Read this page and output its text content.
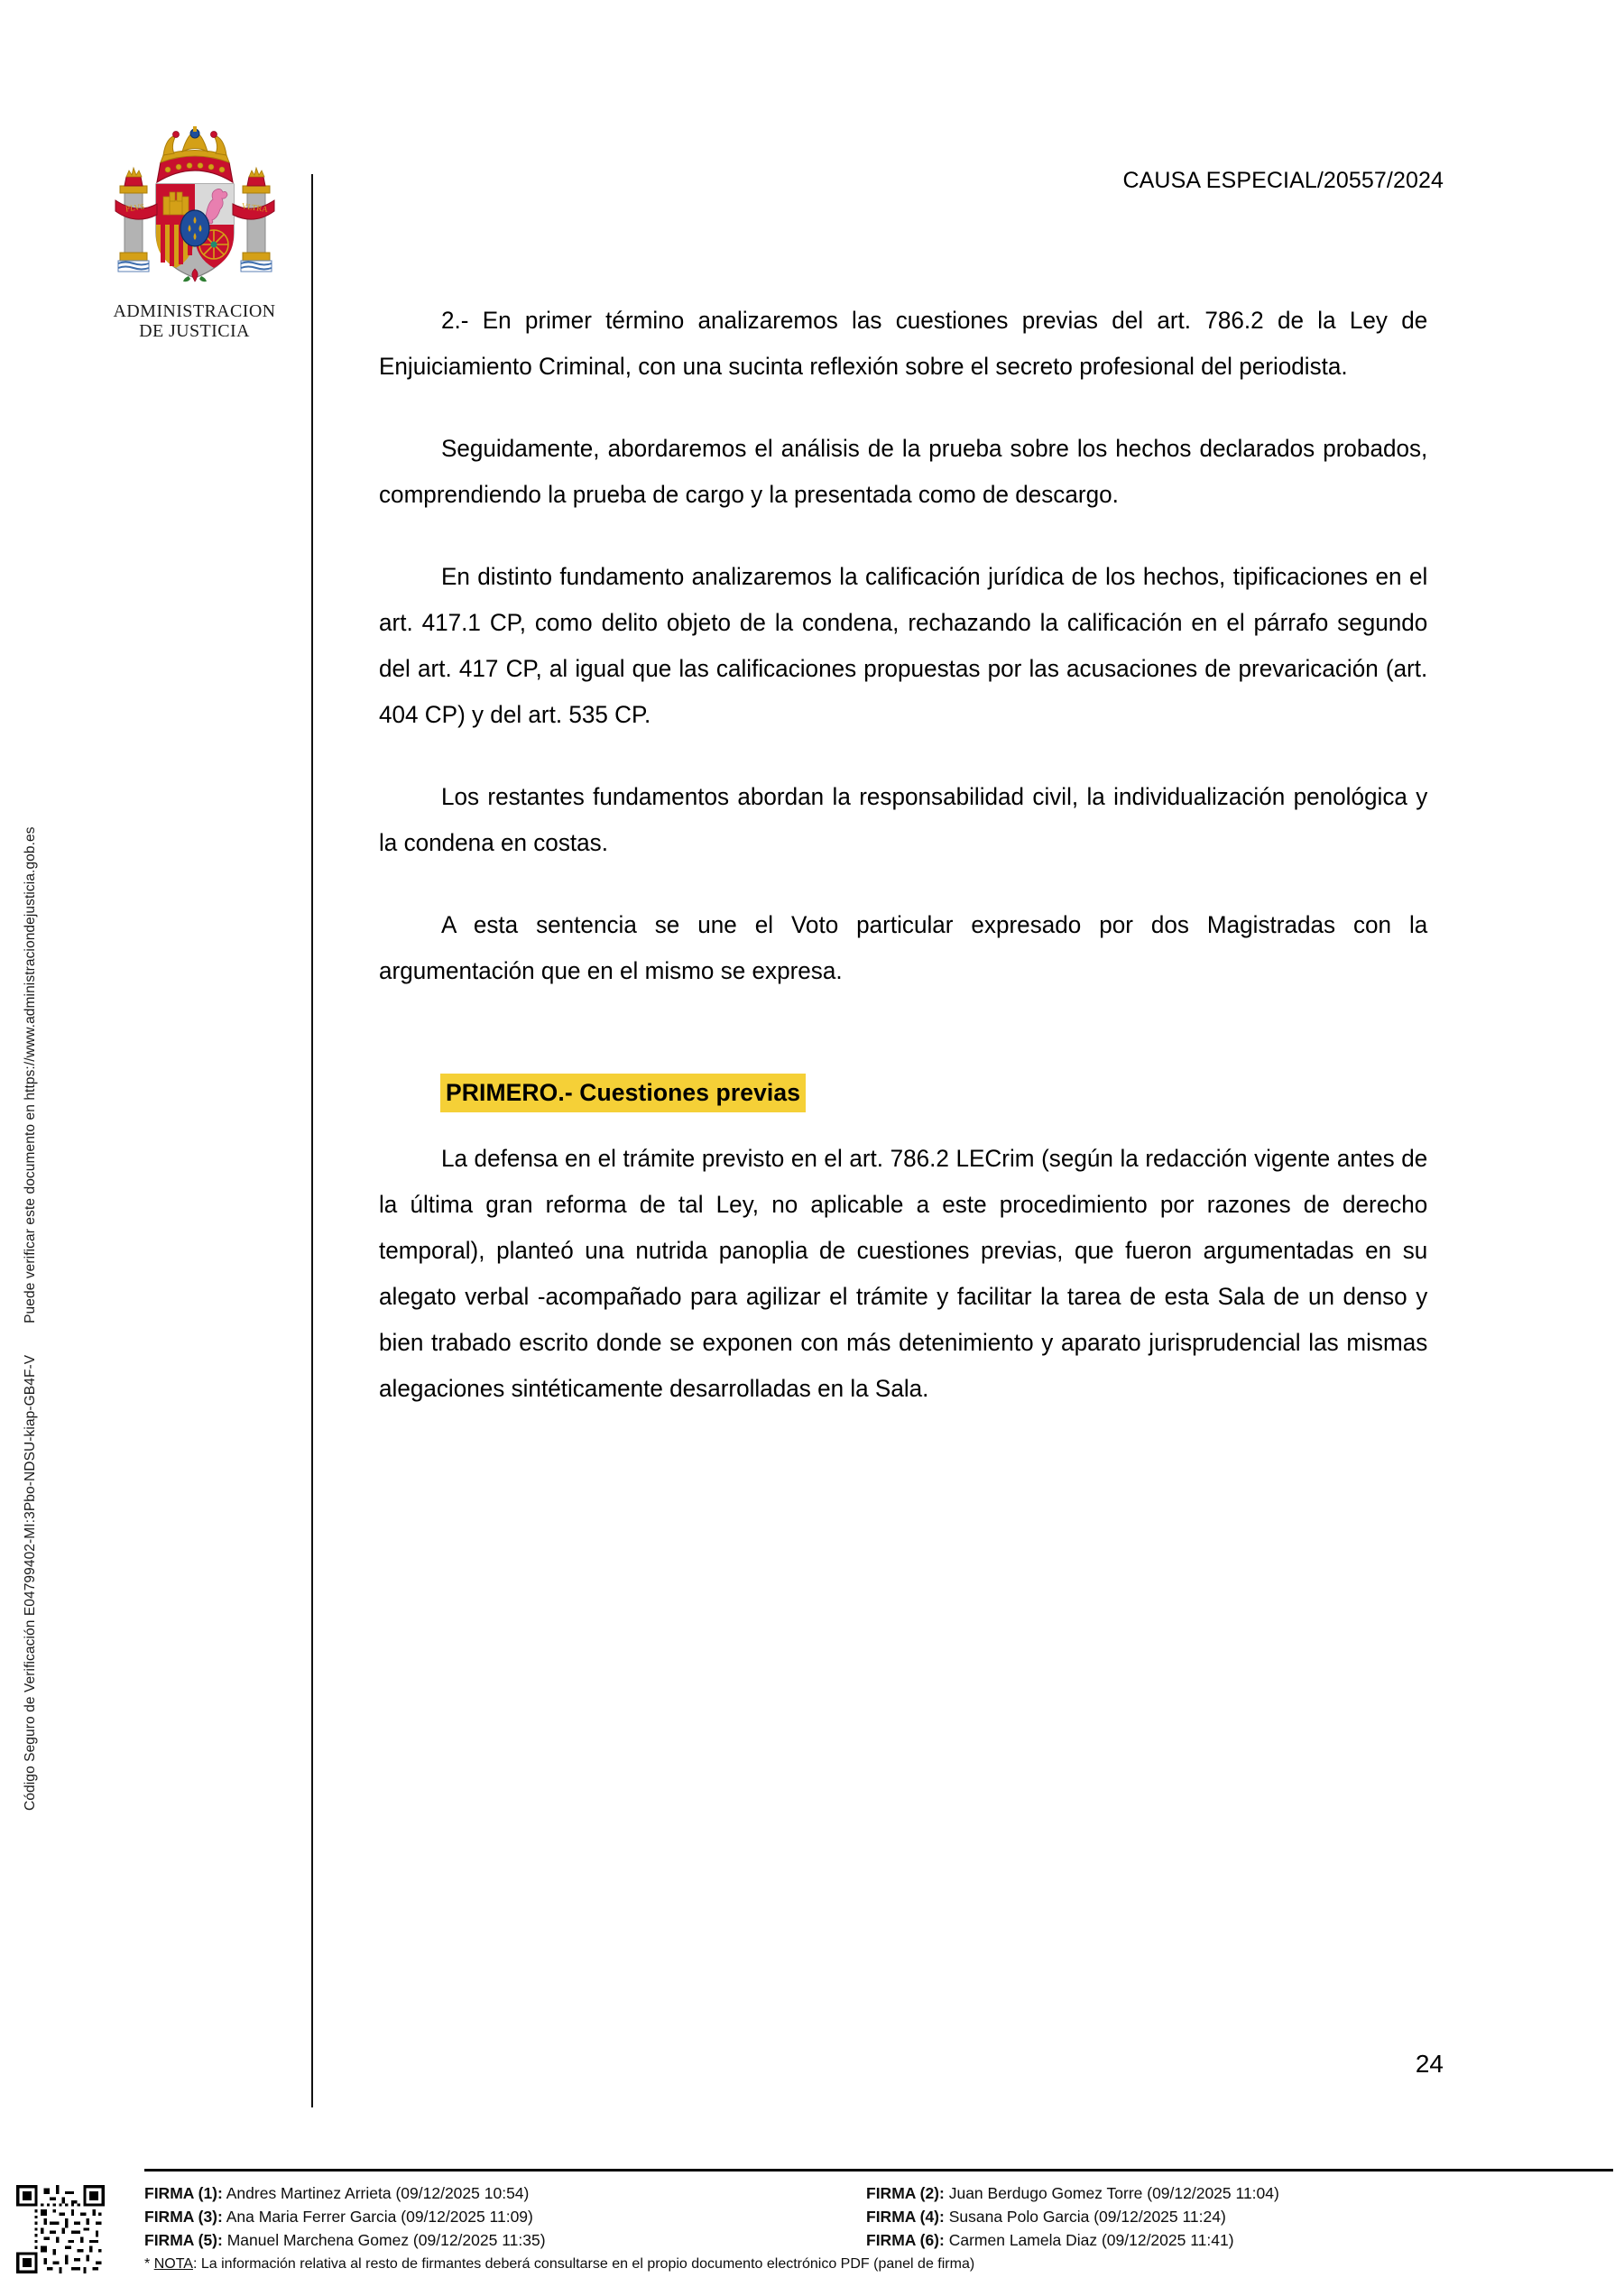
Código Seguro de Verificación E04799402-MI:3Pbo-NDSU-kiap-GB4F-V  Puede verificar este documento en https://www.administraciondejusticia.gob.es
PLVS	VLTRA
ADMINISTRACION
DE JUSTICIA
CAUSA ESPECIAL/20557/2024

2.- En primer término analizaremos las cuestiones previas del art. 786.2 de la Ley de Enjuiciamiento Criminal, con una sucinta reflexión sobre el secreto profesional del periodista.

Seguidamente, abordaremos el análisis de la prueba sobre los hechos declarados probados, comprendiendo la prueba de cargo y la presentada como de descargo.

En distinto fundamento analizaremos la calificación jurídica de los hechos, tipificaciones en el art. 417.1 CP, como delito objeto de la condena, rechazando la calificación en el párrafo segundo del art. 417 CP, al igual que las calificaciones propuestas por las acusaciones de prevaricación (art. 404 CP) y del art. 535 CP.

Los restantes fundamentos abordan la responsabilidad civil, la individualización penológica y la condena en costas.

A esta sentencia se une el Voto particular expresado por dos Magistradas con la argumentación que en el mismo se expresa.

PRIMERO.- Cuestiones previas

La defensa en el trámite previsto en el art. 786.2 LECrim (según la redacción vigente antes de la última gran reforma de tal Ley, no aplicable a este procedimiento por razones de derecho temporal), planteó una nutrida panoplia de cuestiones previas, que fueron argumentadas en su alegato verbal -acompañado para agilizar el trámite y facilitar la tarea de esta Sala de un denso y bien trabado escrito donde se exponen con más detenimiento y aparato jurisprudencial las mismas alegaciones sintéticamente desarrolladas en la Sala.

24
FIRMA (1): Andres Martinez Arrieta (09/12/2025 10:54)	FIRMA (2): Juan Berdugo Gomez Torre (09/12/2025 11:04)
FIRMA (3): Ana Maria Ferrer Garcia (09/12/2025 11:09)	FIRMA (4): Susana Polo Garcia (09/12/2025 11:24)
FIRMA (5): Manuel Marchena Gomez (09/12/2025 11:35)	FIRMA (6): Carmen Lamela Diaz (09/12/2025 11:41)
* NOTA: La información relativa al resto de firmantes deberá consultarse en el propio documento electrónico PDF (panel de firma)
